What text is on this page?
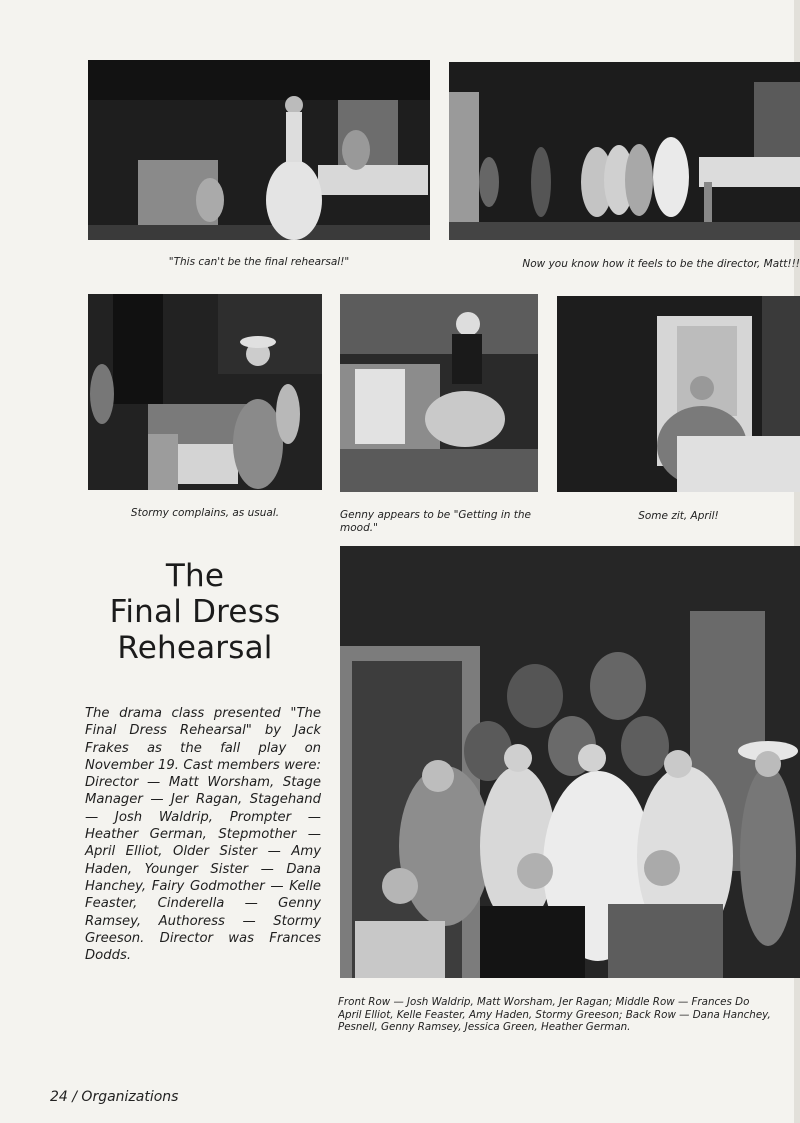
"This can't be the final rehearsal!"	Now you know how it feels to be the director, Matt!!!
Stormy complains, as usual.	Genny appears to be "Getting in the mood."
Some zit, April!
The
Final Dress
Rehearsal
The drama class presented "The Final Dress Rehearsal" by Jack Frakes as the fall play on November 19. Cast members were: Director — Matt Worsham, Stage Manager — Jer Ragan, Stagehand — Josh Waldrip, Prompter — Heather German, Stepmother — April Elliot, Older Sister — Amy Haden, Younger Sister — Dana Hanchey, Fairy Godmother — Kelle Feaster, Cinderella — Genny Ramsey, Authoress — Stormy Greeson. Director was Frances Dodds.
Front Row — Josh Waldrip, Matt Worsham, Jer Ragan; Middle Row — Frances Do
April Elliot, Kelle Feaster, Amy Haden, Stormy Greeson; Back Row — Dana Hanchey,
Pesnell, Genny Ramsey, Jessica Green, Heather German.
24 / Organizations
